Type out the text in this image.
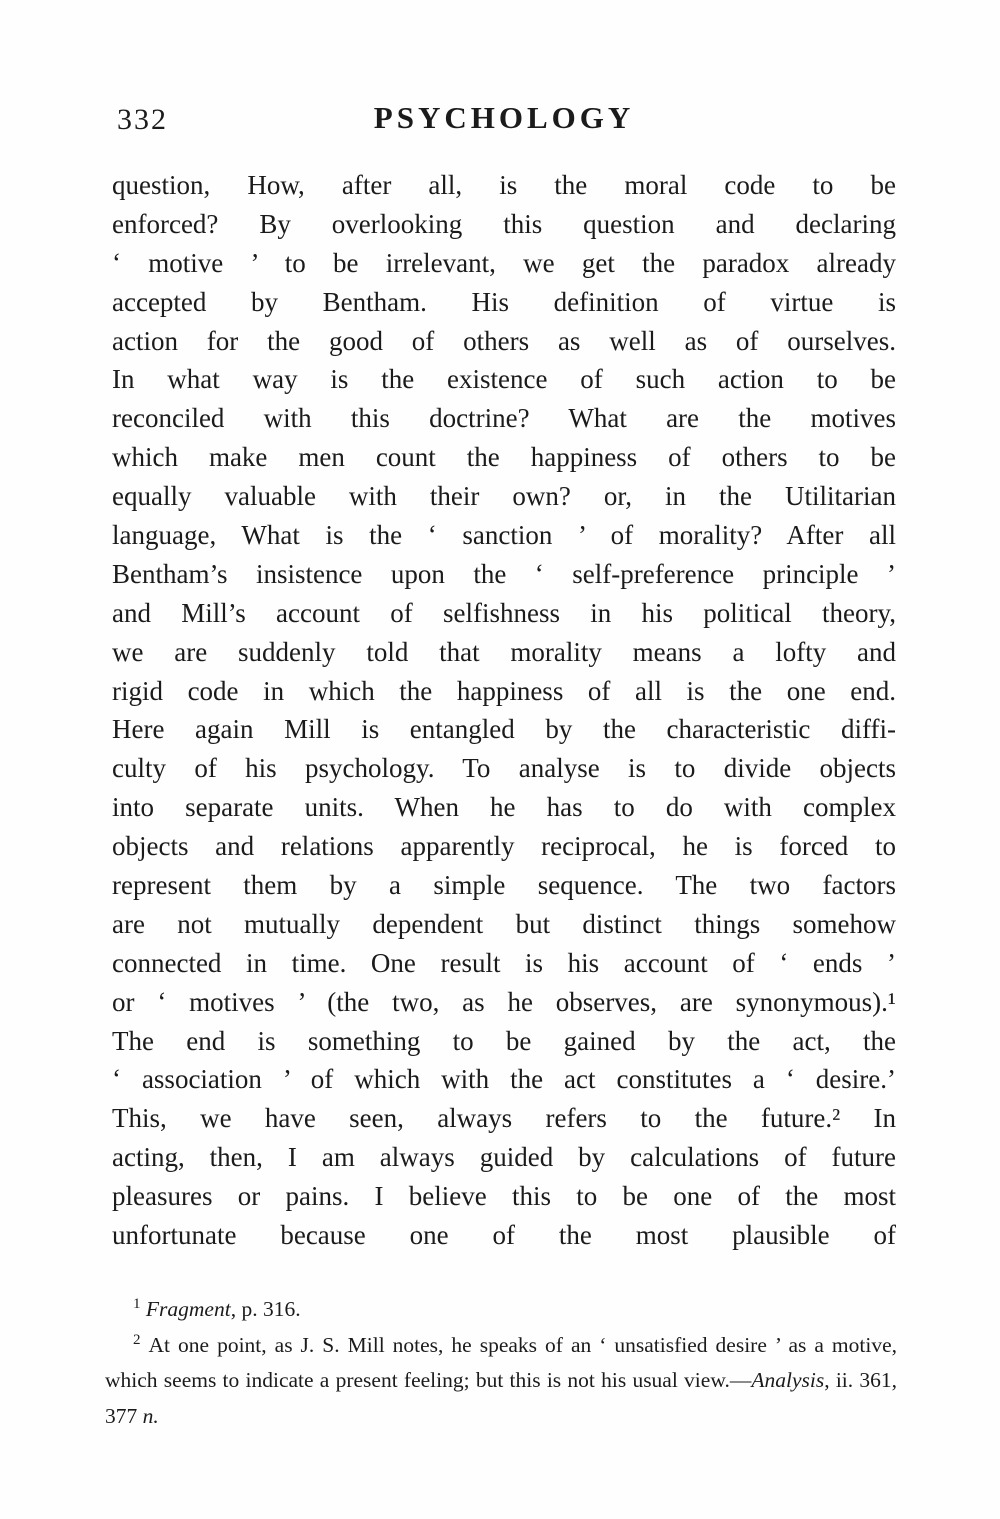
332	PSYCHOLOGY
question, How, after all, is the moral code to be
enforced? By overlooking this question and declaring
‘ motive ’ to be irrelevant, we get the paradox already
accepted by Bentham. His definition of virtue is
action for the good of others as well as of ourselves.
In what way is the existence of such action to be
reconciled with this doctrine? What are the motives
which make men count the happiness of others to be
equally valuable with their own? or, in the Utilitarian
language, What is the ‘ sanction ’ of morality? After all
Bentham’s insistence upon the ‘ self-preference principle ’
and Mill’s account of selfishness in his political theory,
we are suddenly told that morality means a lofty and
rigid code in which the happiness of all is the one end.
Here again Mill is entangled by the characteristic diffi-
culty of his psychology. To analyse is to divide objects
into separate units. When he has to do with complex
objects and relations apparently reciprocal, he is forced to
represent them by a simple sequence. The two factors
are not mutually dependent but distinct things somehow
connected in time. One result is his account of ‘ ends ’
or ‘ motives ’ (the two, as he observes, are synonymous).¹
The end is something to be gained by the act, the
‘ association ’ of which with the act constitutes a ‘ desire.’
This, we have seen, always refers to the future.² In
acting, then, I am always guided by calculations of future
pleasures or pains. I believe this to be one of the most
unfortunate because one of the most plausible of

$^1$ Fragment, p. 316.

$^2$ At one point, as J. S. Mill notes, he speaks of an ‘ unsatisfied desire ’ as a motive, which seems to indicate a present feeling; but this is not his usual view.—Analysis, ii. 361, 377 n.
